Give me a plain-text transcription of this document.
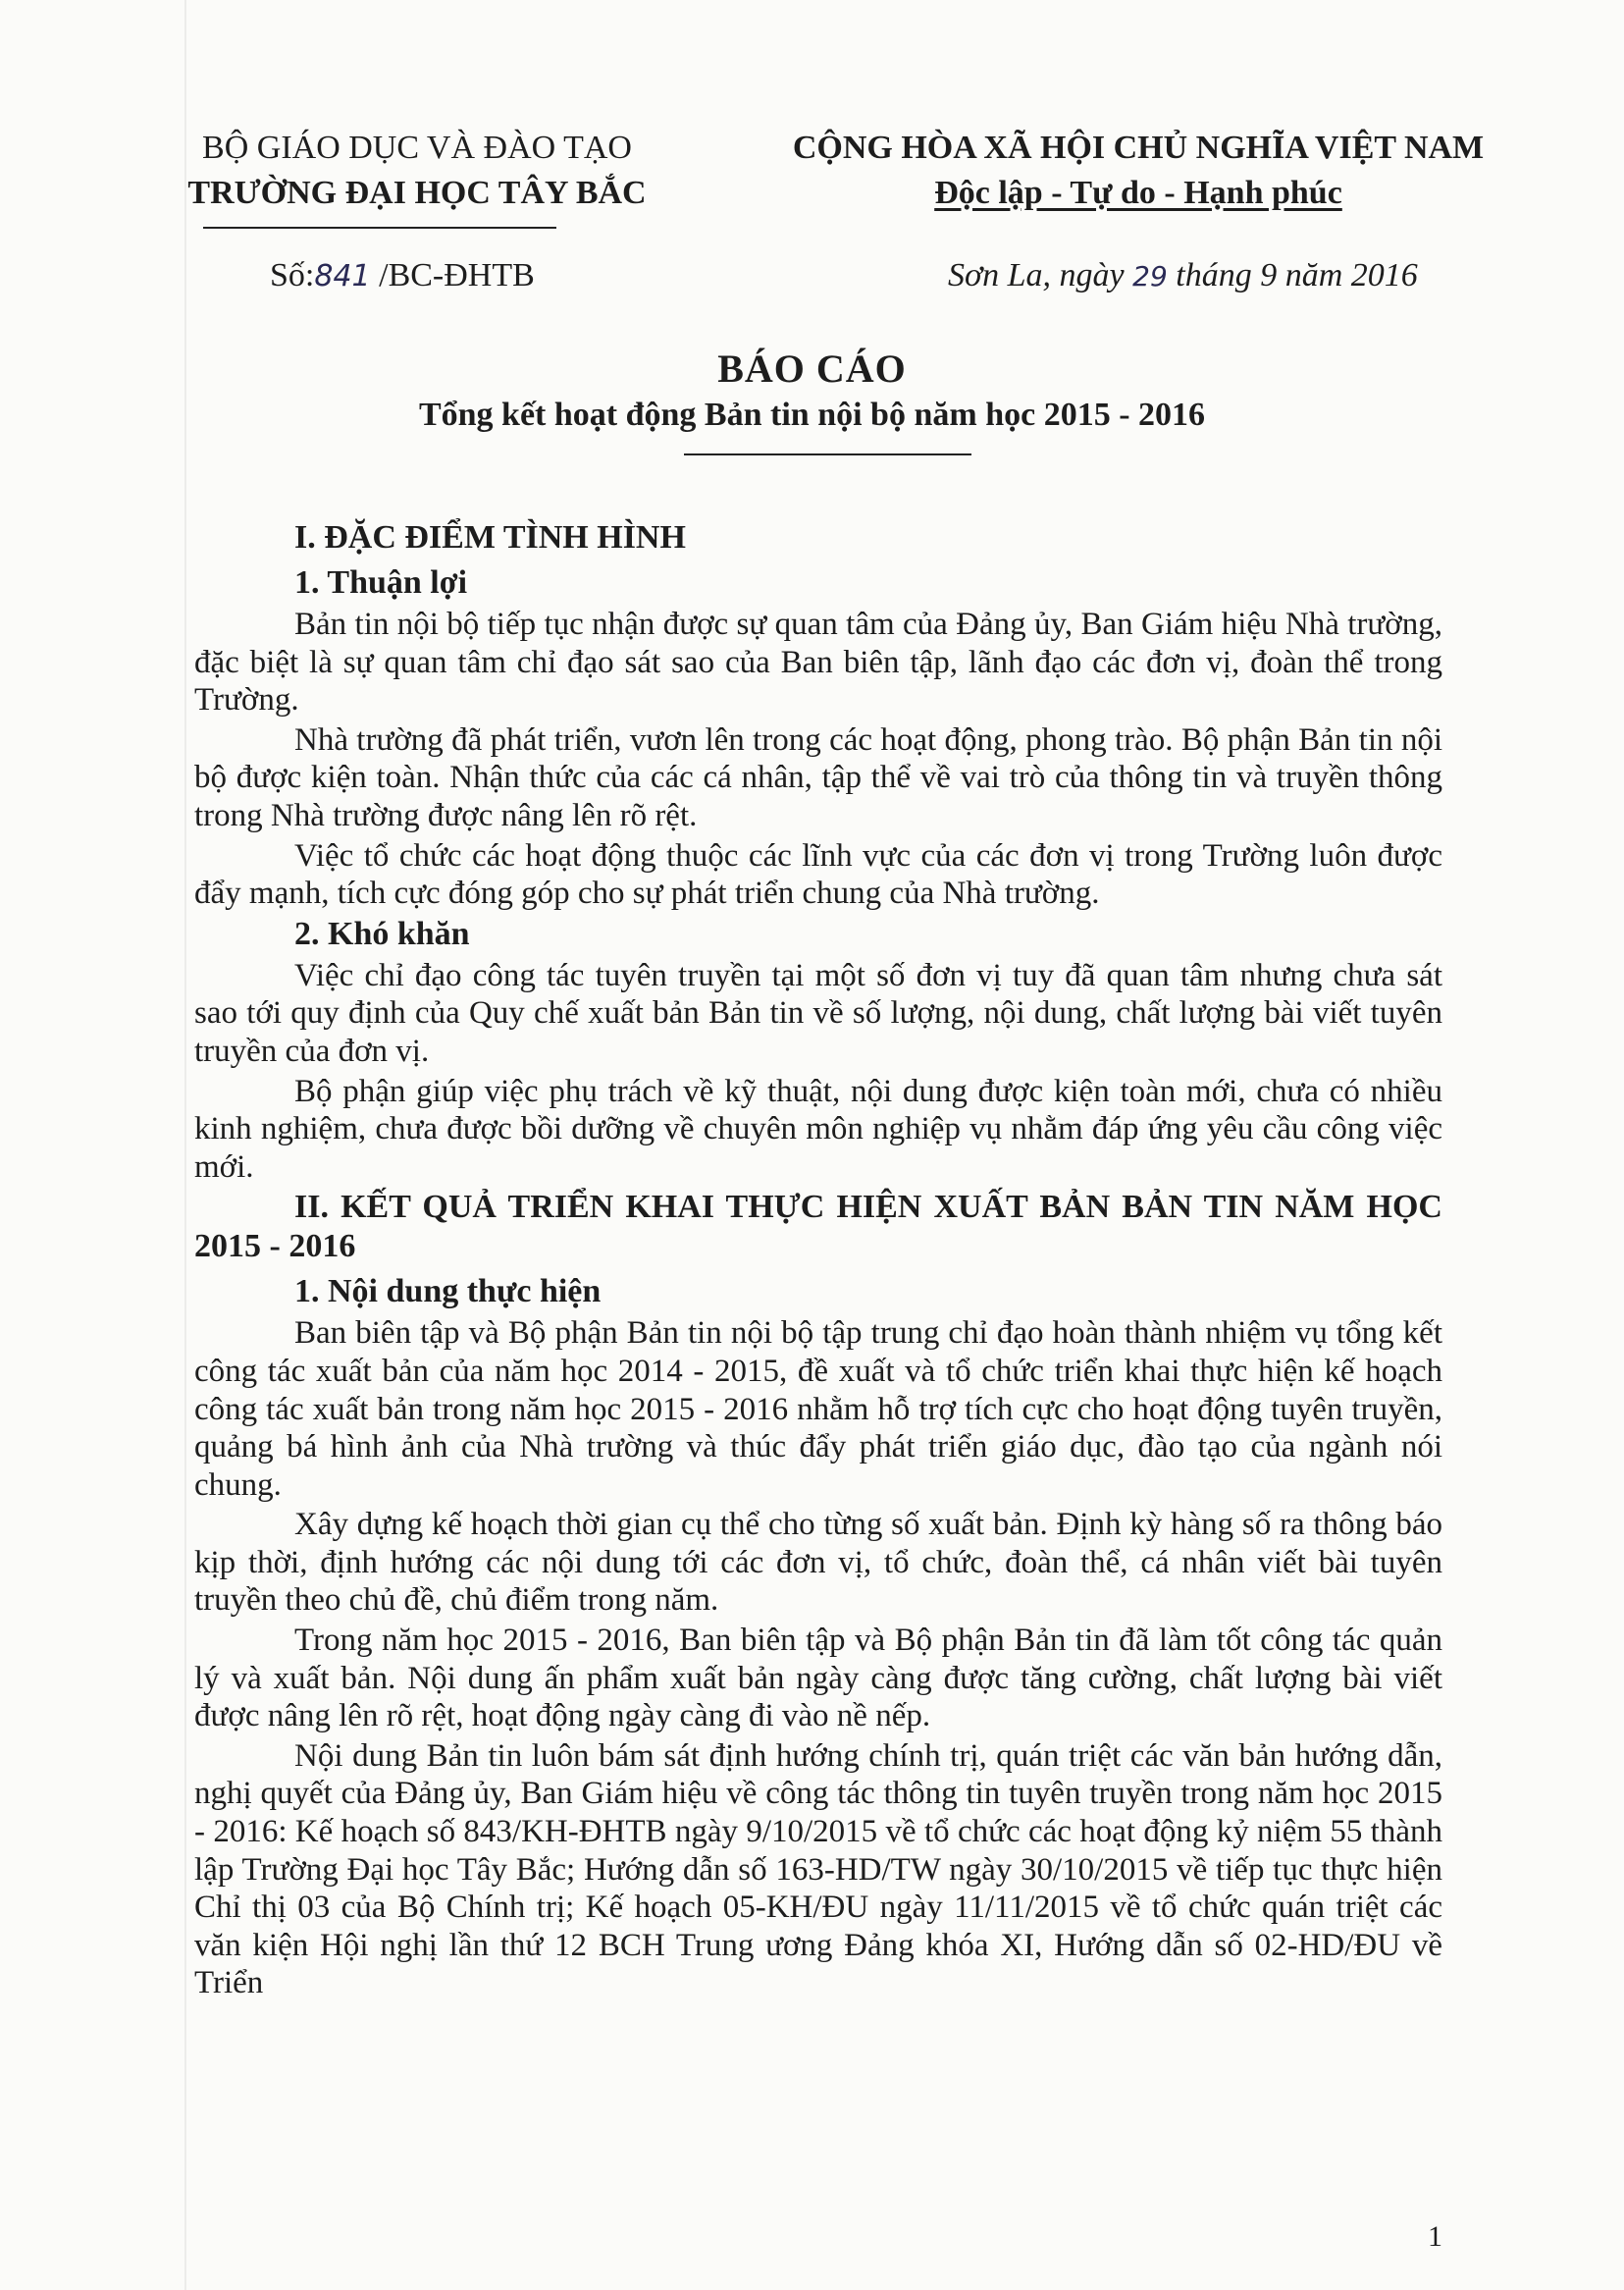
BỘ GIÁO DỤC VÀ ĐÀO TẠO
TRƯỜNG ĐẠI HỌC TÂY BẮC
CỘNG HÒA XÃ HỘI CHỦ NGHĨA VIỆT NAM
Độc lập - Tự do - Hạnh phúc
Số:841 /BC-ĐHTB	Sơn La, ngày 29 tháng 9 năm 2016
BÁO CÁO
Tổng kết hoạt động Bản tin nội bộ năm học 2015 - 2016
I. ĐẶC ĐIỂM TÌNH HÌNH
1. Thuận lợi

Bản tin nội bộ tiếp tục nhận được sự quan tâm của Đảng ủy, Ban Giám hiệu Nhà trường, đặc biệt là sự quan tâm chỉ đạo sát sao của Ban biên tập, lãnh đạo các đơn vị, đoàn thể trong Trường.

Nhà trường đã phát triển, vươn lên trong các hoạt động, phong trào. Bộ phận Bản tin nội bộ được kiện toàn. Nhận thức của các cá nhân, tập thể về vai trò của thông tin và truyền thông trong Nhà trường được nâng lên rõ rệt.

Việc tổ chức các hoạt động thuộc các lĩnh vực của các đơn vị trong Trường luôn được đẩy mạnh, tích cực đóng góp cho sự phát triển chung của Nhà trường.

2. Khó khăn

Việc chỉ đạo công tác tuyên truyền tại một số đơn vị tuy đã quan tâm nhưng chưa sát sao tới quy định của Quy chế xuất bản Bản tin về số lượng, nội dung, chất lượng bài viết tuyên truyền của đơn vị.

Bộ phận giúp việc phụ trách về kỹ thuật, nội dung được kiện toàn mới, chưa có nhiều kinh nghiệm, chưa được bồi dưỡng về chuyên môn nghiệp vụ nhằm đáp ứng yêu cầu công việc mới.

II. KẾT QUẢ TRIỂN KHAI THỰC HIỆN XUẤT BẢN BẢN TIN NĂM HỌC 2015 - 2016
1. Nội dung thực hiện

Ban biên tập và Bộ phận Bản tin nội bộ tập trung chỉ đạo hoàn thành nhiệm vụ tổng kết công tác xuất bản của năm học 2014 - 2015, đề xuất và tổ chức triển khai thực hiện kế hoạch công tác xuất bản trong năm học 2015 - 2016 nhằm hỗ trợ tích cực cho hoạt động tuyên truyền, quảng bá hình ảnh của Nhà trường và thúc đẩy phát triển giáo dục, đào tạo của ngành nói chung.

Xây dựng kế hoạch thời gian cụ thể cho từng số xuất bản. Định kỳ hàng số ra thông báo kịp thời, định hướng các nội dung tới các đơn vị, tổ chức, đoàn thể, cá nhân viết bài tuyên truyền theo chủ đề, chủ điểm trong năm.

Trong năm học 2015 - 2016, Ban biên tập và Bộ phận Bản tin đã làm tốt công tác quản lý và xuất bản. Nội dung ấn phẩm xuất bản ngày càng được tăng cường, chất lượng bài viết được nâng lên rõ rệt, hoạt động ngày càng đi vào nề nếp.

Nội dung Bản tin luôn bám sát định hướng chính trị, quán triệt các văn bản hướng dẫn, nghị quyết của Đảng ủy, Ban Giám hiệu về công tác thông tin tuyên truyền trong năm học 2015 - 2016: Kế hoạch số 843/KH-ĐHTB ngày 9/10/2015 về tổ chức các hoạt động kỷ niệm 55 thành lập Trường Đại học Tây Bắc; Hướng dẫn số 163-HD/TW ngày 30/10/2015 về tiếp tục thực hiện Chỉ thị 03 của Bộ Chính trị; Kế hoạch 05-KH/ĐU ngày 11/11/2015 về tổ chức quán triệt các văn kiện Hội nghị lần thứ 12 BCH Trung ương Đảng khóa XI, Hướng dẫn số 02-HD/ĐU về Triển

1
